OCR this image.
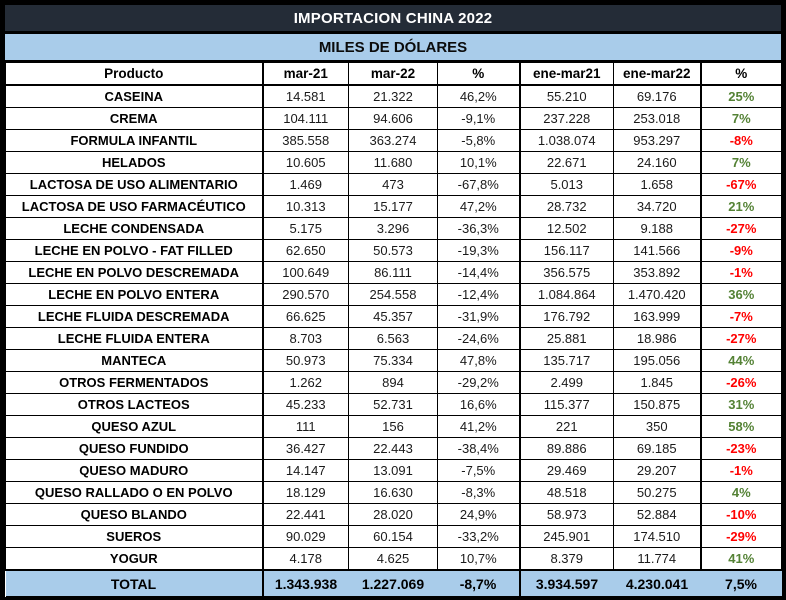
IMPORTACION CHINA 2022
MILES DE DÓLARES
Producto	mar-21	mar-22	%	ene-mar21	ene-mar22	%
CASEINA	14.581	21.322	46,2%	55.210	69.176	25%
CREMA	104.111	94.606	-9,1%	237.228	253.018	7%
FORMULA INFANTIL	385.558	363.274	-5,8%	1.038.074	953.297	-8%
HELADOS	10.605	11.680	10,1%	22.671	24.160	7%
LACTOSA DE USO ALIMENTARIO	1.469	473	-67,8%	5.013	1.658	-67%
LACTOSA DE USO FARMACÉUTICO	10.313	15.177	47,2%	28.732	34.720	21%
LECHE CONDENSADA	5.175	3.296	-36,3%	12.502	9.188	-27%
LECHE EN POLVO - FAT FILLED	62.650	50.573	-19,3%	156.117	141.566	-9%
LECHE EN POLVO DESCREMADA	100.649	86.111	-14,4%	356.575	353.892	-1%
LECHE EN POLVO ENTERA	290.570	254.558	-12,4%	1.084.864	1.470.420	36%
LECHE FLUIDA DESCREMADA	66.625	45.357	-31,9%	176.792	163.999	-7%
LECHE FLUIDA ENTERA	8.703	6.563	-24,6%	25.881	18.986	-27%
MANTECA	50.973	75.334	47,8%	135.717	195.056	44%
OTROS FERMENTADOS	1.262	894	-29,2%	2.499	1.845	-26%
OTROS LACTEOS	45.233	52.731	16,6%	115.377	150.875	31%
QUESO AZUL	111	156	41,2%	221	350	58%
QUESO FUNDIDO	36.427	22.443	-38,4%	89.886	69.185	-23%
QUESO MADURO	14.147	13.091	-7,5%	29.469	29.207	-1%
QUESO RALLADO O EN POLVO	18.129	16.630	-8,3%	48.518	50.275	4%
QUESO BLANDO	22.441	28.020	24,9%	58.973	52.884	-10%
SUEROS	90.029	60.154	-33,2%	245.901	174.510	-29%
YOGUR	4.178	4.625	10,7%	8.379	11.774	41%
TOTAL	1.343.938	1.227.069	-8,7%	3.934.597	4.230.041	7,5%
